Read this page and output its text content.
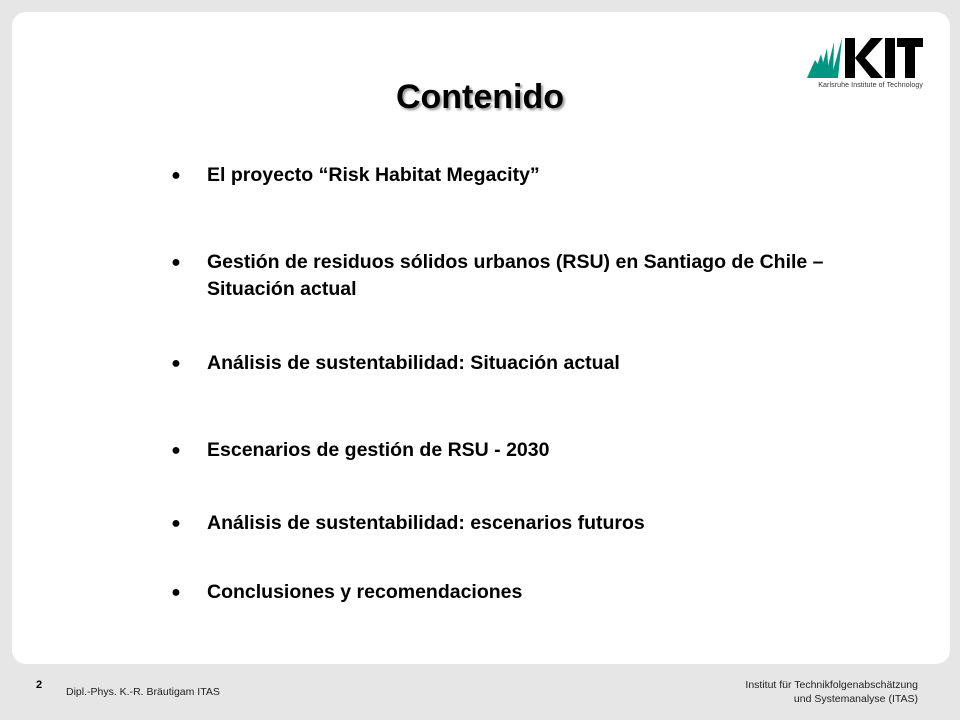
Karlsruhe Institute of Technology
Contenido
● El proyecto “Risk Habitat Megacity”
● Gestión de residuos sólidos urbanos (RSU) en Santiago de Chile – Situación actual
● Análisis de sustentabilidad: Situación actual
● Escenarios de gestión de RSU - 2030
● Análisis de sustentabilidad: escenarios futuros
● Conclusiones y recomendaciones
2
Dipl.-Phys. K.-R. Bräutigam ITAS
Institut für Technikfolgenabschätzung
und Systemanalyse (ITAS)
